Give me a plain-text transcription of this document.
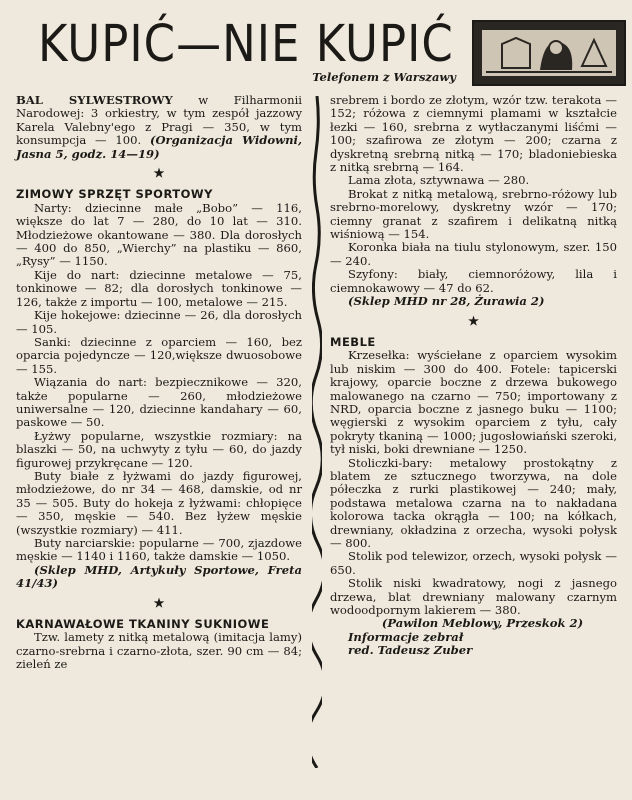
KUPIĆ—NIE KUPIĆ
Telefonem z Warszawy

BAL SYLWESTROWY w Filharmonii Narodowej: 3 orkiestry, w tym zespół jazzowy Karela Valebny'ego z Pragi — 350, w tym konsumpcja — 100. (Organizacja Widowni, Jasna 5, godz. 14—19)

★
ZIMOWY SPRZĘT SPORTOWY

Narty: dziecinne małe „Bobo” — 116, większe do lat 7 — 280, do 10 lat — 310. Młodzieżowe okantowane — 380. Dla dorosłych — 400 do 850, „Wierchy” na plastiku — 860, „Rysy” — 1150.

Kije do nart: dziecinne metalowe — 75, tonkinowe — 82; dla dorosłych tonkinowe — 126, także z importu — 100, metalowe — 215.

Kije hokejowe: dziecinne — 26, dla dorosłych — 105.

Sanki: dziecinne z oparciem — 160, bez oparcia pojedyncze — 120,większe dwuosobowe — 155.

Wiązania do nart: bezpiecznikowe — 320, także popularne — 260, młodzieżowe uniwersalne — 120, dziecinne kandahary — 60, paskowe — 50.

Łyżwy popularne, wszystkie rozmiary: na blaszki — 50, na uchwyty z tyłu — 60, do jazdy figurowej przykręcane — 120.

Buty białe z łyżwami do jazdy figurowej, młodzieżowe, do nr 34 — 468, damskie, od nr 35 — 505. Buty do hokeja z łyżwami: chłopięce — 350, męskie — 540. Bez łyżew męskie (wszystkie rozmiary) — 411.

Buty narciarskie: popularne — 700, zjazdowe męskie — 1140 i 1160, także damskie — 1050.

(Sklep MHD, Artykuły Sportowe, Freta 41/43)

★
KARNAWAŁOWE TKANINY SUKNIOWE

Tzw. lamety z nitką metalową (imitacja lamy) czarno-srebrna i czarno-złota, szer. 90 cm — 84; zieleń ze

srebrem i bordo ze złotym, wzór tzw. terakota — 152; różowa z ciemnymi plamami w kształcie łezki — 160, srebrna z wytłaczanymi liśćmi — 100; szafirowa ze złotym — 200; czarna z dyskretną srebrną nitką — 170; bladoniebieska z nitką srebrną — 164.

Lama złota, sztywnawa — 280.

Brokat z nitką metalową, srebrno-różowy lub srebrno-morelowy, dyskretny wzór — 170; ciemny granat z szafirem i delikatną nitką wiśniową — 154.

Koronka biała na tiulu stylonowym, szer. 150 — 240.

Szyfony: biały, ciemnoróżowy, lila i ciemnokawowy — 47 do 62.

(Sklep MHD nr 28, Żurawia 2)

★
MEBLE

Krzesełka: wyściełane z oparciem wysokim lub niskim — 300 do 400. Fotele: tapicerski krajowy, oparcie boczne z drzewa bukowego malowanego na czarno — 750; importowany z NRD, oparcia boczne z jasnego buku — 1100; węgierski z wysokim oparciem z tyłu, cały pokryty tkaniną — 1000; jugosłowiański szeroki, tył niski, boki drewniane — 1250.

Stoliczki-bary: metalowy prostokątny z blatem ze sztucznego tworzywa, na dole półeczka z rurki plastikowej — 240; mały, podstawa metalowa czarna na to nakładana kolorowa tacka okrągła — 100; na kółkach, drewniany, okładzina z orzecha, wysoki połysk — 800.

Stolik pod telewizor, orzech, wysoki połysk — 650.

Stolik niski kwadratowy, nogi z jasnego drzewa, blat drewniany malowany czarnym wodoodpornym lakierem — 380.

(Pawilon Meblowy, Przeskok 2)

Informacje zebrał

red. Tadeusz Zuber
